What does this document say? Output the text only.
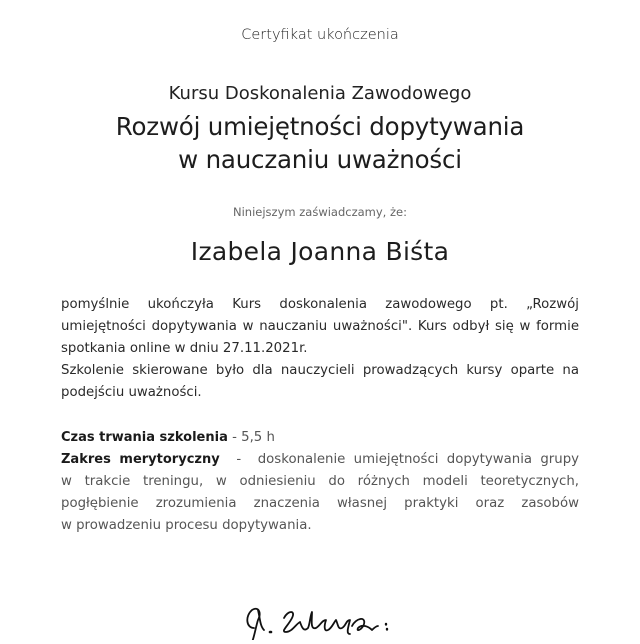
Certyfikat ukończenia
Kursu Doskonalenia Zawodowego
Rozwój umiejętności dopytywania
w nauczaniu uważności
Niniejszym zaświadczamy, że:
Izabela Joanna Biśta
pomyślnie ukończyła Kurs doskonalenia zawodowego pt. „Rozwój
umiejętności dopytywania w nauczaniu uważności". Kurs odbył się w formie
spotkania online w dniu 27.11.2021r.
Szkolenie skierowane było dla nauczycieli prowadzących kursy oparte na
podejściu uważności.
Czas trwania szkolenia - 5,5 h
Zakres merytoryczny  -  doskonalenie umiejętności dopytywania grupy
w trakcie treningu, w odniesieniu do różnych modeli teoretycznych,
pogłębienie zrozumienia znaczenia własnej praktyki oraz zasobów
w prowadzeniu procesu dopytywania.
